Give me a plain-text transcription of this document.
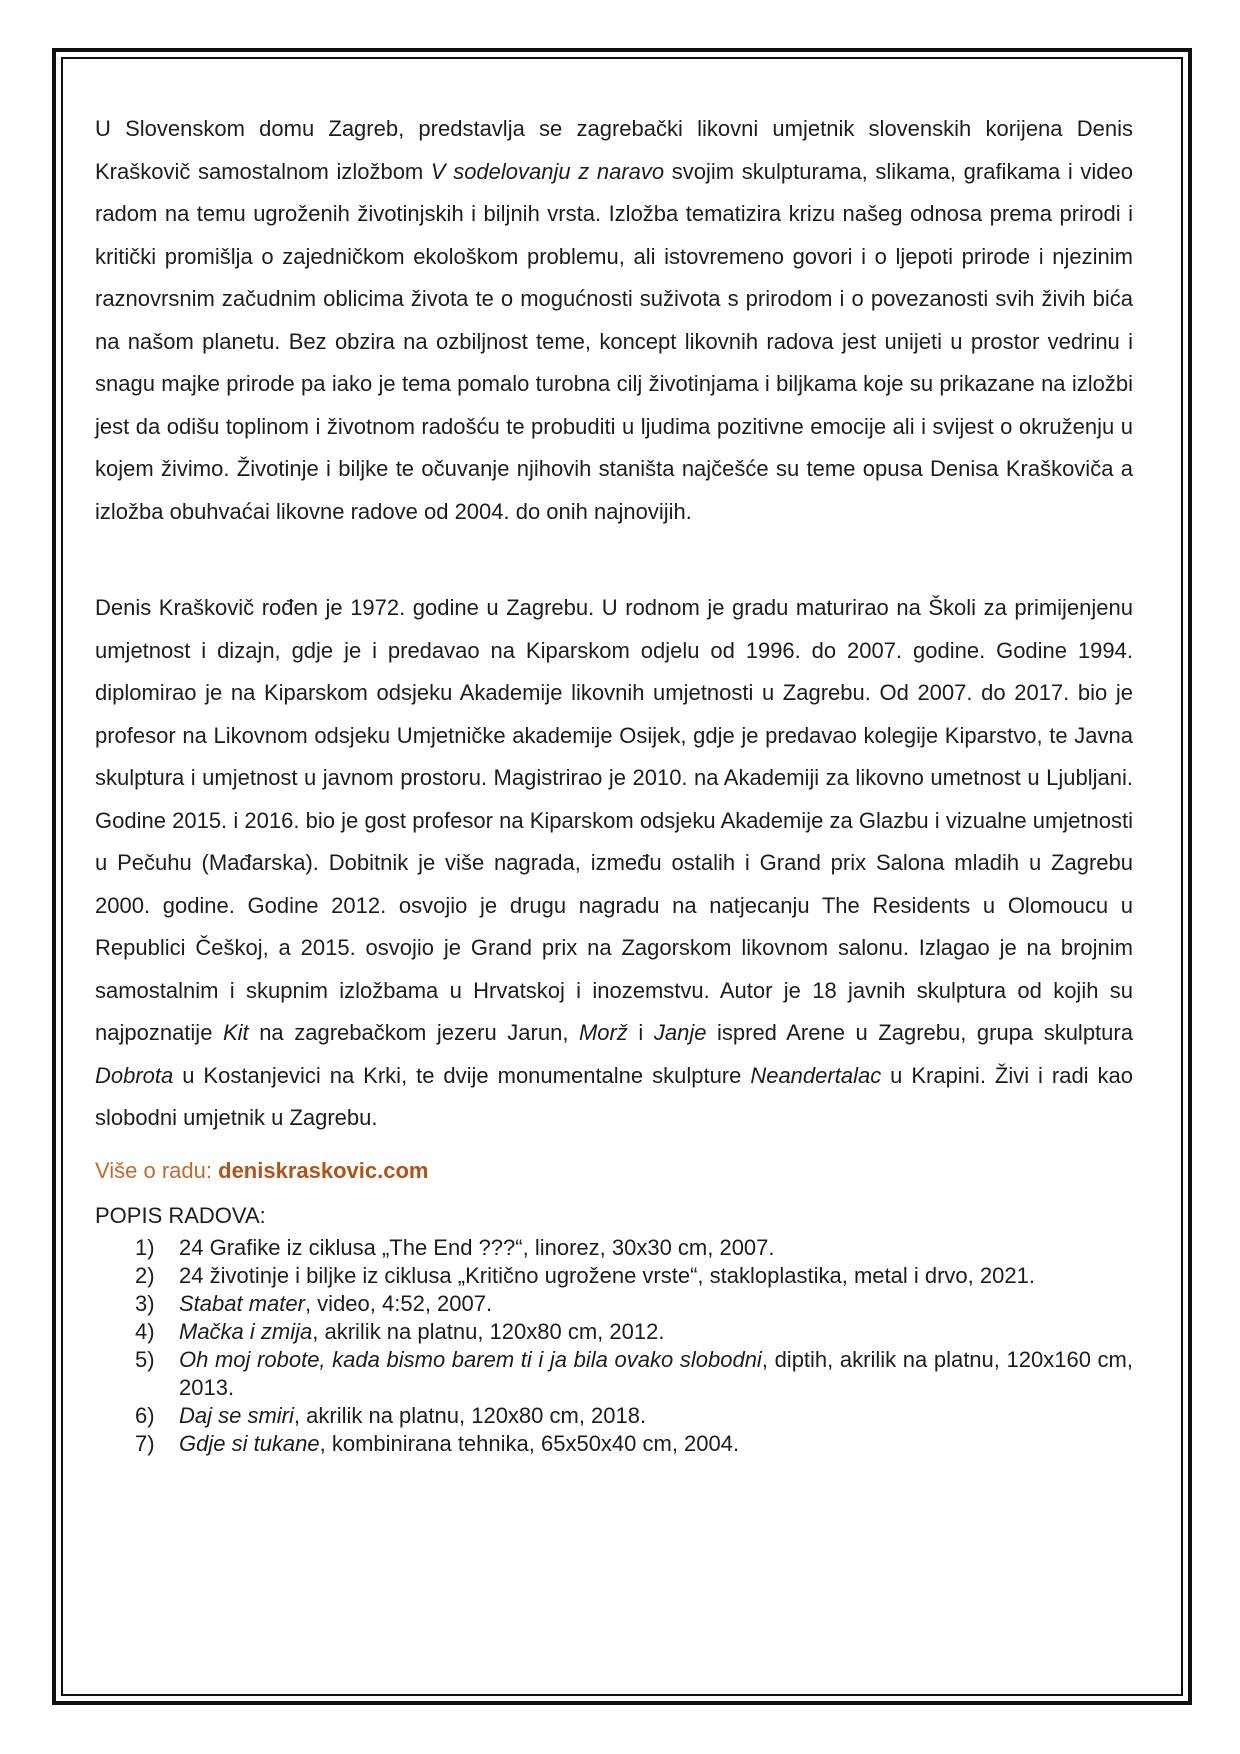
U Slovenskom domu Zagreb, predstavlja se zagrebački likovni umjetnik slovenskih korijena Denis Kraškovič samostalnom izložbom V sodelovanju z naravo svojim skulpturama, slikama, grafikama i video radom na temu ugroženih životinjskih i biljnih vrsta. Izložba tematizira krizu našeg odnosa prema prirodi i kritički promišlja o zajedničkom ekološkom problemu, ali istovremeno govori i o ljepoti prirode i njezinim raznovrsnim začudnim oblicima života te o mogućnosti suživota s prirodom i o povezanosti svih živih bića na našom planetu. Bez obzira na ozbiljnost teme, koncept likovnih radova jest unijeti u prostor vedrinu i snagu majke prirode pa iako je tema pomalo turobna cilj životinjama i biljkama koje su prikazane na izložbi jest da odišu toplinom i životnom radošću te probuditi u ljudima pozitivne emocije ali i svijest o okruženju u kojem živimo. Životinje i biljke te očuvanje njihovih staništa najčešće su teme opusa Denisa Kraškoviča a izložba obuhvaćai likovne radove od 2004. do onih najnovijih.

Denis Kraškovič rođen je 1972. godine u Zagrebu. U rodnom je gradu maturirao na Školi za primijenjenu umjetnost i dizajn, gdje je i predavao na Kiparskom odjelu od 1996. do 2007. godine. Godine 1994. diplomirao je na Kiparskom odsjeku Akademije likovnih umjetnosti u Zagrebu. Od 2007. do 2017. bio je profesor na Likovnom odsjeku Umjetničke akademije Osijek, gdje je predavao kolegije Kiparstvo, te Javna skulptura i umjetnost u javnom prostoru. Magistrirao je 2010. na Akademiji za likovno umetnost u Ljubljani. Godine 2015. i 2016. bio je gost profesor na Kiparskom odsjeku Akademije za Glazbu i vizualne umjetnosti u Pečuhu (Mađarska). Dobitnik je više nagrada, između ostalih i Grand prix Salona mladih u Zagrebu 2000. godine. Godine 2012. osvojio je drugu nagradu na natjecanju The Residents u Olomoucu u Republici Češkoj, a 2015. osvojio je Grand prix na Zagorskom likovnom salonu. Izlagao je na brojnim samostalnim i skupnim izložbama u Hrvatskoj i inozemstvu. Autor je 18 javnih skulptura od kojih su najpoznatije Kit na zagrebačkom jezeru Jarun, Morž i Janje ispred Arene u Zagrebu, grupa skulptura Dobrota u Kostanjevici na Krki, te dvije monumentalne skulpture Neandertalac u Krapini. Živi i radi kao slobodni umjetnik u Zagrebu.

Više o radu: deniskraskovic.com

POPIS RADOVA:

1)	24 Grafike iz ciklusa „The End ???“, linorez, 30x30 cm, 2007.
2)	24 životinje i biljke iz ciklusa „Kritično ugrožene vrste“, stakloplastika, metal i drvo, 2021.
3)	Stabat mater, video, 4:52, 2007.
4)	Mačka i zmija, akrilik na platnu, 120x80 cm, 2012.
5)	Oh moj robote, kada bismo barem ti i ja bila ovako slobodni, diptih, akrilik na platnu, 120x160 cm, 2013.
6)	Daj se smiri, akrilik na platnu, 120x80 cm, 2018.
7)	Gdje si tukane, kombinirana tehnika, 65x50x40 cm, 2004.
